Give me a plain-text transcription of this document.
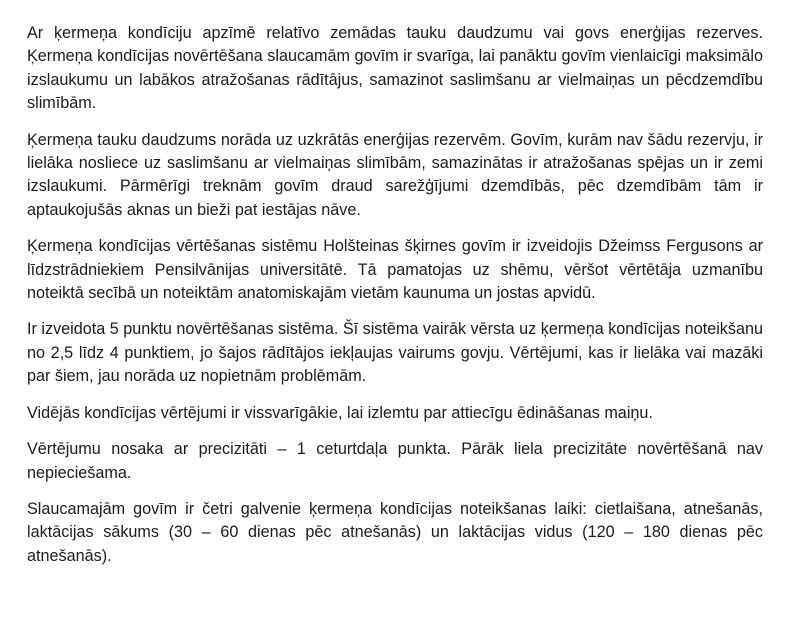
Ar ķermeņa kondīciju apzīmē relatīvo zemādas tauku daudzumu vai govs enerģijas rezerves. Ķermeņa kondīcijas novērtēšana slaucamām govīm ir svarīga, lai panāktu govīm vienlaicīgi maksimālo izslaukumu un labākos atražošanas rādītājus, samazinot saslimšanu ar vielmaiņas un pēcdzemdību slimībām.

Ķermeņa tauku daudzums norāda uz uzkrātās enerģijas rezervēm. Govīm, kurām nav šādu rezervju, ir lielāka nosliece uz saslimšanu ar vielmaiņas slimībām, samazinātas ir atražošanas spējas un ir zemi izslaukumi. Pārmērīgi treknām govīm draud sarežģījumi dzemdībās, pēc dzemdībām tām ir aptaukojušās aknas un bieži pat iestājas nāve.

Ķermeņa kondīcijas vērtēšanas sistēmu Holšteinas šķirnes govīm ir izveidojis Džeimss Fergusons ar līdzstrādniekiem Pensilvānijas universitātē. Tā pamatojas uz shēmu, vēršot vērtētāja uzmanību noteiktā secībā un noteiktām anatomiskajām vietām kaunuma un jostas apvidū.

Ir izveidota 5 punktu novērtēšanas sistēma. Šī sistēma vairāk vērsta uz ķermeņa kondīcijas noteikšanu no 2,5 līdz 4 punktiem, jo šajos rādītājos iekļaujas vairums govju. Vērtējumi, kas ir lielāka vai mazāki par šiem, jau norāda uz nopietnām problēmām.

Vidējās kondīcijas vērtējumi ir vissvarīgākie, lai izlemtu par attiecīgu ēdināšanas maiņu.

Vērtējumu nosaka ar precizitāti – 1 ceturtdaļa punkta. Pārāk liela precizitāte novērtēšanā nav nepieciešama.

Slaucamajām govīm ir četri galvenie ķermeņa kondīcijas noteikšanas laiki: cietlaišana, atnešanās, laktācijas sākums (30 – 60 dienas pēc atnešanās) un laktācijas vidus (120 – 180 dienas pēc atnešanās).
